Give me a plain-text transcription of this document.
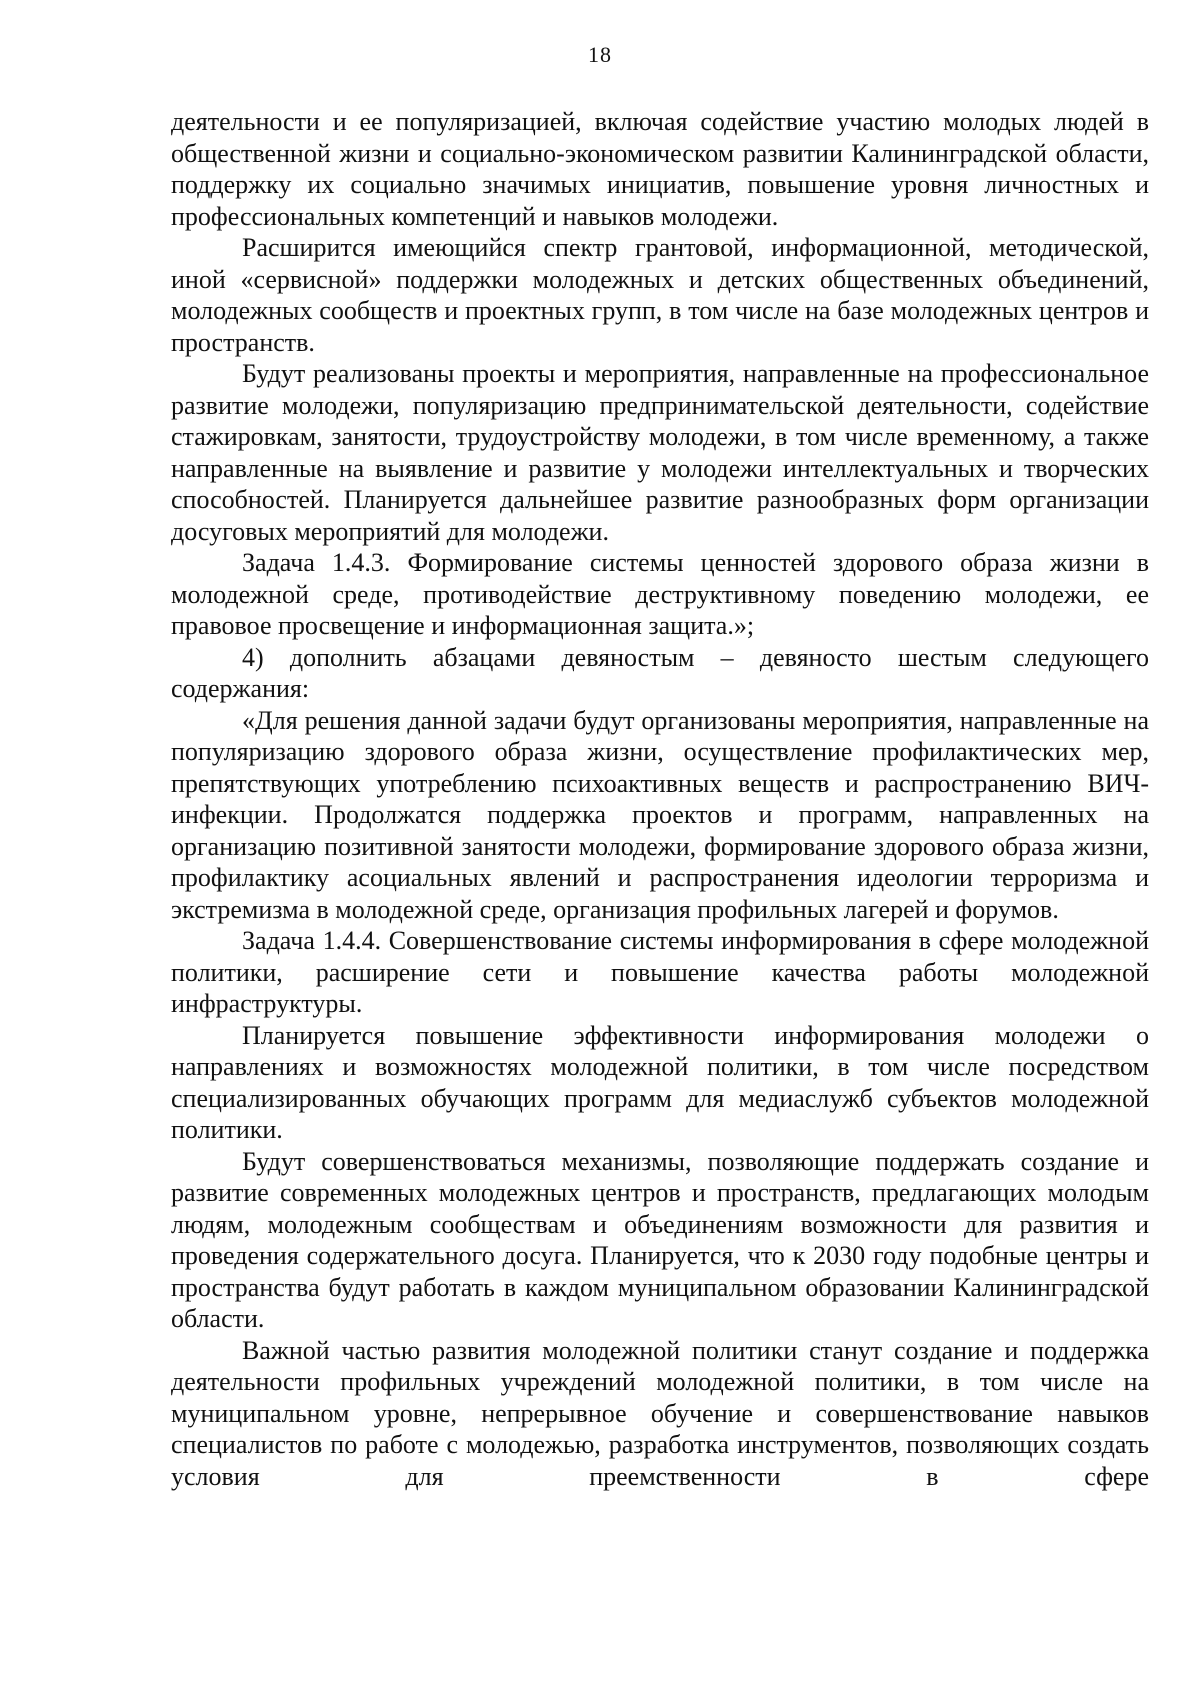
18

деятельности и ее популяризацией, включая содействие участию молодых людей в общественной жизни и социально-экономическом развитии Калининградской области, поддержку их социально значимых инициатив, повышение уровня личностных и профессиональных компетенций и навыков молодежи.

Расширится имеющийся спектр грантовой, информационной, методической, иной «сервисной» поддержки молодежных и детских общественных объединений, молодежных сообществ и проектных групп, в том числе на базе молодежных центров и пространств.

Будут реализованы проекты и мероприятия, направленные на профессиональное развитие молодежи, популяризацию предпринимательской деятельности, содействие стажировкам, занятости, трудоустройству молодежи, в том числе временному, а также направленные на выявление и развитие у молодежи интеллектуальных и творческих способностей. Планируется дальнейшее развитие разнообразных форм организации досуговых мероприятий для молодежи.

Задача 1.4.3. Формирование системы ценностей здорового образа жизни в молодежной среде, противодействие деструктивному поведению молодежи, ее правовое просвещение и информационная защита.»;

4) дополнить абзацами девяностым – девяносто шестым следующего содержания:

«Для решения данной задачи будут организованы мероприятия, направленные на популяризацию здорового образа жизни, осуществление профилактических мер, препятствующих употреблению психоактивных веществ и распространению ВИЧ-инфекции. Продолжатся поддержка проектов и программ, направленных на организацию позитивной занятости молодежи, формирование здорового образа жизни, профилактику асоциальных явлений и распространения идеологии терроризма и экстремизма в молодежной среде, организация профильных лагерей и форумов.

Задача 1.4.4. Совершенствование системы информирования в сфере молодежной политики, расширение сети и повышение качества работы молодежной инфраструктуры.

Планируется повышение эффективности информирования молодежи о направлениях и возможностях молодежной политики, в том числе посредством специализированных обучающих программ для медиаслужб субъектов молодежной политики.

Будут совершенствоваться механизмы, позволяющие поддержать создание и развитие современных молодежных центров и пространств, предлагающих молодым людям, молодежным сообществам и объединениям возможности для развития и проведения содержательного досуга. Планируется, что к 2030 году подобные центры и пространства будут работать в каждом муниципальном образовании Калининградской области.

Важной частью развития молодежной политики станут создание и поддержка деятельности профильных учреждений молодежной политики, в том числе на муниципальном уровне, непрерывное обучение и совершенствование навыков специалистов по работе с молодежью, разработка инструментов, позволяющих создать условия для преемственности в сфере
